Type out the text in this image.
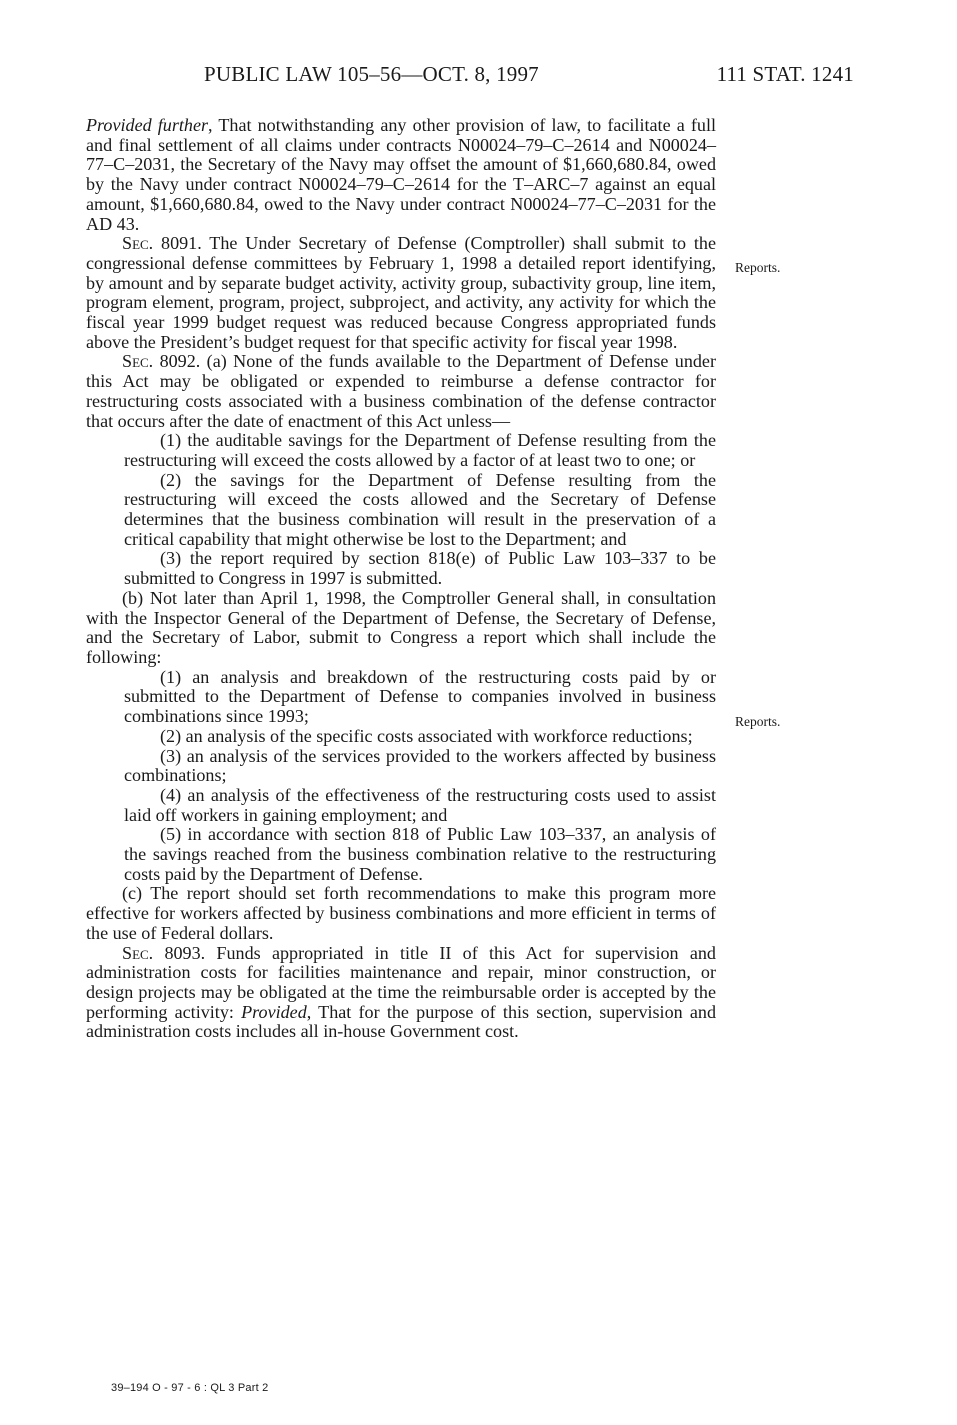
PUBLIC LAW 105–56—OCT. 8, 1997	111 STAT. 1241

Provided further, That notwithstanding any other provision of law, to facilitate a full and final settlement of all claims under contracts N00024–79–C–2614 and N00024–77–C–2031, the Secretary of the Navy may offset the amount of $1,660,680.84, owed by the Navy under contract N00024–79–C–2614 for the T–ARC–7 against an equal amount, $1,660,680.84, owed to the Navy under contract N00024–77–C–2031 for the AD 43.

Sec. 8091. The Under Secretary of Defense (Comptroller) shall submit to the congressional defense committees by February 1, 1998 a detailed report identifying, by amount and by separate budget activity, activity group, subactivity group, line item, program element, program, project, subproject, and activity, any activity for which the fiscal year 1999 budget request was reduced because Congress appropriated funds above the President’s budget request for that specific activity for fiscal year 1998.

Sec. 8092. (a) None of the funds available to the Department of Defense under this Act may be obligated or expended to reimburse a defense contractor for restructuring costs associated with a business combination of the defense contractor that occurs after the date of enactment of this Act unless—

(1) the auditable savings for the Department of Defense resulting from the restructuring will exceed the costs allowed by a factor of at least two to one; or

(2) the savings for the Department of Defense resulting from the restructuring will exceed the costs allowed and the Secretary of Defense determines that the business combination will result in the preservation of a critical capability that might otherwise be lost to the Department; and

(3) the report required by section 818(e) of Public Law 103–337 to be submitted to Congress in 1997 is submitted.

(b) Not later than April 1, 1998, the Comptroller General shall, in consultation with the Inspector General of the Department of Defense, the Secretary of Defense, and the Secretary of Labor, submit to Congress a report which shall include the following:

(1) an analysis and breakdown of the restructuring costs paid by or submitted to the Department of Defense to companies involved in business combinations since 1993;

(2) an analysis of the specific costs associated with workforce reductions;

(3) an analysis of the services provided to the workers affected by business combinations;

(4) an analysis of the effectiveness of the restructuring costs used to assist laid off workers in gaining employment; and

(5) in accordance with section 818 of Public Law 103–337, an analysis of the savings reached from the business combination relative to the restructuring costs paid by the Department of Defense.

(c) The report should set forth recommendations to make this program more effective for workers affected by business combinations and more efficient in terms of the use of Federal dollars.

Sec. 8093. Funds appropriated in title II of this Act for supervision and administration costs for facilities maintenance and repair, minor construction, or design projects may be obligated at the time the reimbursable order is accepted by the performing activity: Provided, That for the purpose of this section, supervision and administration costs includes all in-house Government cost.

Reports.
Reports.
39–194 O - 97 - 6 : QL 3 Part 2
